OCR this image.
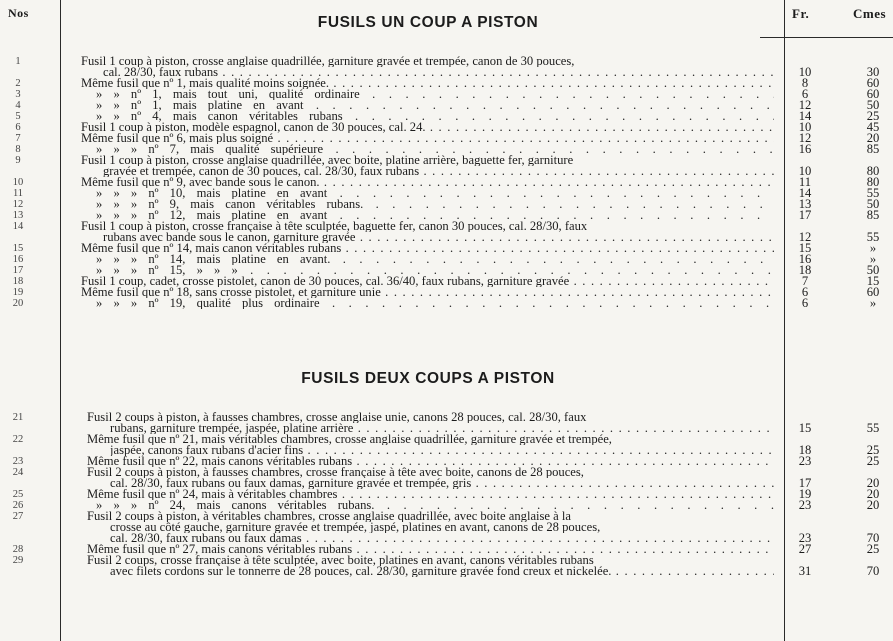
Nos	Fr.	Cmes
FUSILS UN COUP A PISTON
FUSILS DEUX COUPS A PISTON
1	Fusil 1 coup à piston, crosse anglaise quadrillée, garniture gravée et trempée, canon de 30 pouces,
cal. 28/30, faux rubans . . .	10	30
2	Même fusil que nº 1, mais qualité moins soignée. . . .	8	60
3	» » nº 1, mais tout uni, qualité ordinaire . . .	6	60
4	» » nº 1, mais platine en avant . . .	12	50
5	» » nº 4, mais canon véritables rubans . . .	14	25
6	Fusil 1 coup à piston, modèle espagnol, canon de 30 pouces, cal. 24. . . .	10	45
7	Même fusil que nº 6, mais plus soigné . . .	12	20
8	» » » nº 7, mais qualité supérieure . . .	16	85
9	Fusil 1 coup à piston, crosse anglaise quadrillée, avec boite, platine arrière, baguette fer, garniture
gravée et trempée, canon de 30 pouces, cal. 28/30, faux rubans . . .	10	80
10	Même fusil que nº 9, avec bande sous le canon. . . .	11	80
11	» » » nº 10, mais platine en avant . . .	14	55
12	» » » nº 9, mais canon véritables rubans. . . .	13	50
13	» » » nº 12, mais platine en avant . . .	17	85
14	Fusil 1 coup à piston, crosse française à tête sculptée, baguette fer, canon 30 pouces, cal. 28/30, faux
rubans avec bande sous le canon, garniture gravée . . .	12	55
15	Même fusil que nº 14, mais canon véritables rubans . . .	15	»
16	» » » nº 14, mais platine en avant. . . .	16	»
17	» » » nº 15, » » » . . .	18	50
18	Fusil 1 coup, cadet, crosse pistolet, canon de 30 pouces, cal. 36/40, faux rubans, garniture gravée . . .	7	15
19	Même fusil que nº 18, sans crosse pistolet, et garniture unie . . .	6	60
20	» » » nº 19, qualité plus ordinaire . . .	6	»
21	Fusil 2 coups à piston, à fausses chambres, crosse anglaise unie, canons 28 pouces, cal. 28/30, faux
rubans, garniture trempée, jaspée, platine arrière . . .	15	55
22	Même fusil que nº 21, mais véritables chambres, crosse anglaise quadrillée, garniture gravée et trempée,
jaspée, canons faux rubans d'acier fins . . .	18	25
23	Même fusil que nº 22, mais canons véritables rubans . . .	23	25
24	Fusil 2 coups à piston, à fausses chambres, crosse française à tête avec boite, canons de 28 pouces,
cal. 28/30, faux rubans ou faux damas, garniture gravée et trempée, gris . . .	17	20
25	Même fusil que nº 24, mais à véritables chambres . . .	19	20
26	» » » nº 24, mais canons véritables rubans. . . .	23	20
27	Fusil 2 coups à piston, à véritables chambres, crosse anglaise quadrillée, avec boite anglaise à la
crosse au côté gauche, garniture gravée et trempée, jaspé, platines en avant, canons de 28 pouces,
cal. 28/30, faux rubans ou faux damas . . .	23	70
28	Même fusil que nº 27, mais canons véritables rubans . . .	27	25
29	Fusil 2 coups, crosse française à tête sculptée, avec boite, platines en avant, canons véritables rubans
avec filets cordons sur le tonnerre de 28 pouces, cal. 28/30, garniture gravée fond creux et nickelée. . . .	31	70
